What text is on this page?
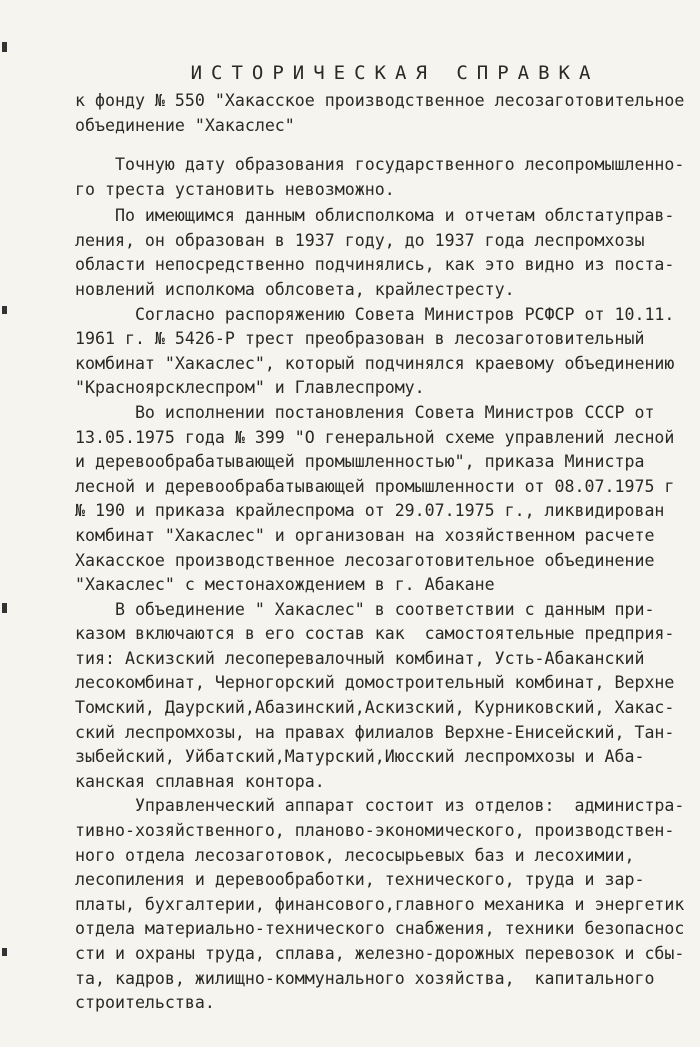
ИСТОРИЧЕСКАЯ СПРАВКА
к фонду № 550 "Хакасское производственное лесозаготовительное
объединение "Хакаслес"
Точную дату образования государственного лесопромышленно-
го треста установить невозможно.
По имеющимся данным облисполкома и отчетам облстатуправ-
ления, он образован в 1937 году, до 1937 года леспромхозы
области непосредственно подчинялись, как это видно из поста-
новлений исполкома облсовета, крайлестресту.
Согласно распоряжению Совета Министров РСФСР от 10.11.
1961 г. № 5426-Р трест преобразован в лесозаготовительный
комбинат "Хакаслес", который подчинялся краевому объединению
"Красноярсклеспром" и Главлеспрому.
Во исполнении постановления Совета Министров СССР от
13.05.1975 года № 399 "О генеральной схеме управлений лесной
и деревообрабатывающей промышленностью", приказа Министра
лесной и деревообрабатывающей промышленности от 08.07.1975 г
№ 190 и приказа крайлеспрома от 29.07.1975 г., ликвидирован
комбинат "Хакаслес" и организован на хозяйственном расчете
Хакасское производственное лесозаготовительное объединение
"Хакаслес" с местонахождением в г. Абакане
В объединение " Хакаслес" в соответствии с данным при-
казом включаются в его состав как  самостоятельные предприя-
тия: Аскизский лесоперевалочный комбинат, Усть-Абаканский
лесокомбинат, Черногорский домостроительный комбинат, Верхне
Томский, Даурский,Абазинский,Аскизский, Курниковский, Хакас-
ский леспромхозы, на правах филиалов Верхне-Енисейский, Тан-
зыбейский, Уйбатский,Матурский,Июсский леспромхозы и Аба-
канская сплавная контора.
Управленческий аппарат состоит из отделов:  администра-
тивно-хозяйственного, планово-экономического, производствен-
ного отдела лесозаготовок, лесосырьевых баз и лесохимии,
лесопиления и деревообработки, технического, труда и зар-
платы, бухгалтерии, финансового,главного механика и энергетик
отдела материально-технического снабжения, техники безопаснос
сти и охраны труда, сплава, железно-дорожных перевозок и сбы-
та, кадров, жилищно-коммунального хозяйства,  капитального
строительства.
